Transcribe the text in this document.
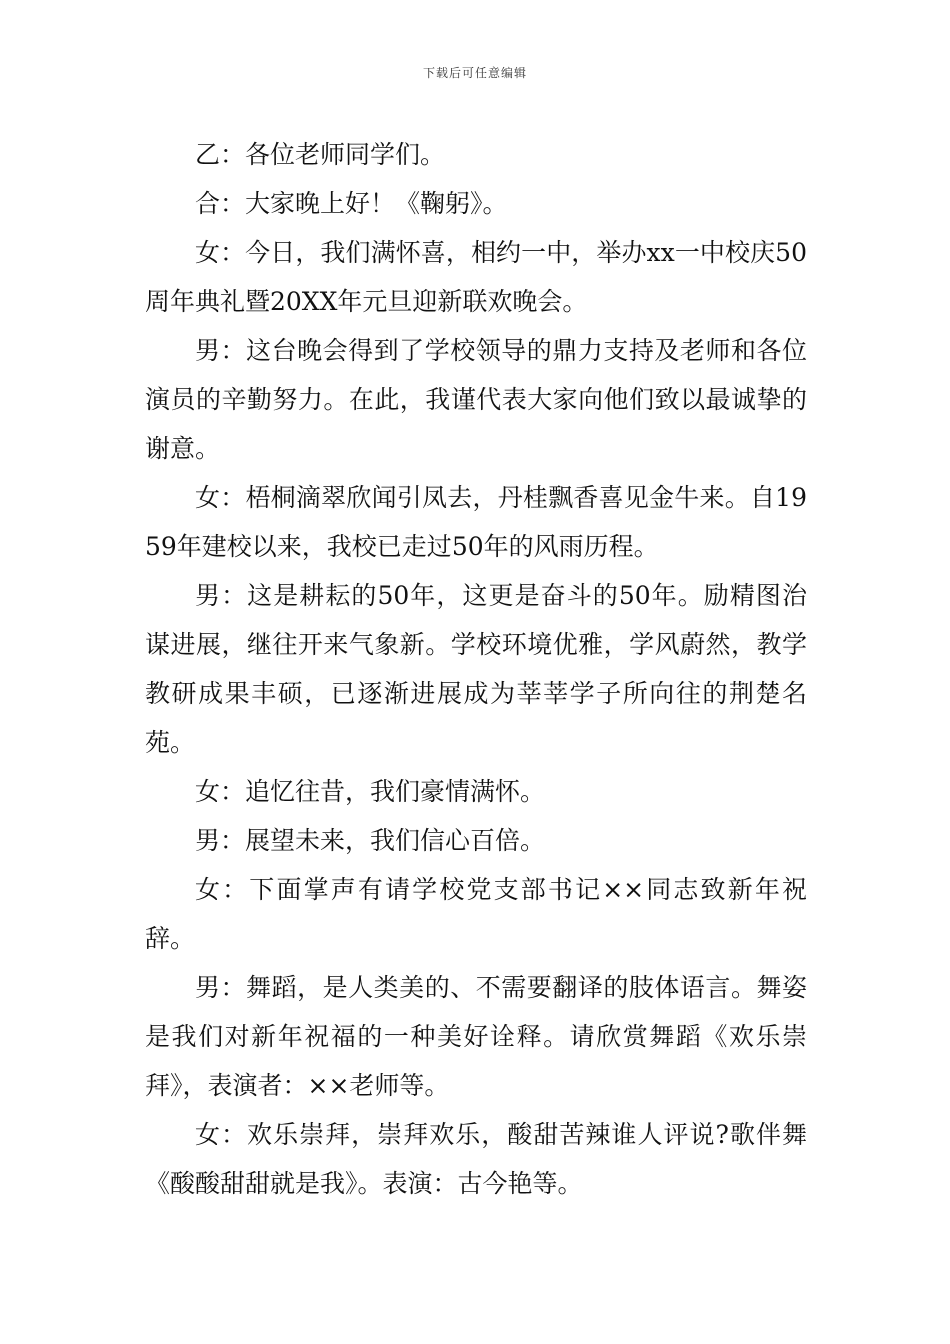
下载后可任意编辑

乙：各位老师同学们。

合：大家晚上好！《鞠躬》。

女：今日，我们满怀喜，相约一中，举办xx一中校庆50周年典礼暨20XX年元旦迎新联欢晚会。

男：这台晚会得到了学校领导的鼎力支持及老师和各位演员的辛勤努力。在此，我谨代表大家向他们致以最诚挚的谢意。

女：梧桐滴翠欣闻引凤去，丹桂飘香喜见金牛来。自1959年建校以来，我校已走过50年的风雨历程。

男：这是耕耘的50年，这更是奋斗的50年。励精图治谋进展，继往开来气象新。学校环境优雅，学风蔚然，教学教研成果丰硕，已逐渐进展成为莘莘学子所向往的荆楚名苑。

女：追忆往昔，我们豪情满怀。

男：展望未来，我们信心百倍。

女：下面掌声有请学校党支部书记××同志致新年祝辞。

男：舞蹈，是人类美的、不需要翻译的肢体语言。舞姿是我们对新年祝福的一种美好诠释。请欣赏舞蹈《欢乐崇拜》，表演者：××老师等。

女：欢乐崇拜，崇拜欢乐，酸甜苦辣谁人评说?歌伴舞《酸酸甜甜就是我》。表演：古今艳等。
